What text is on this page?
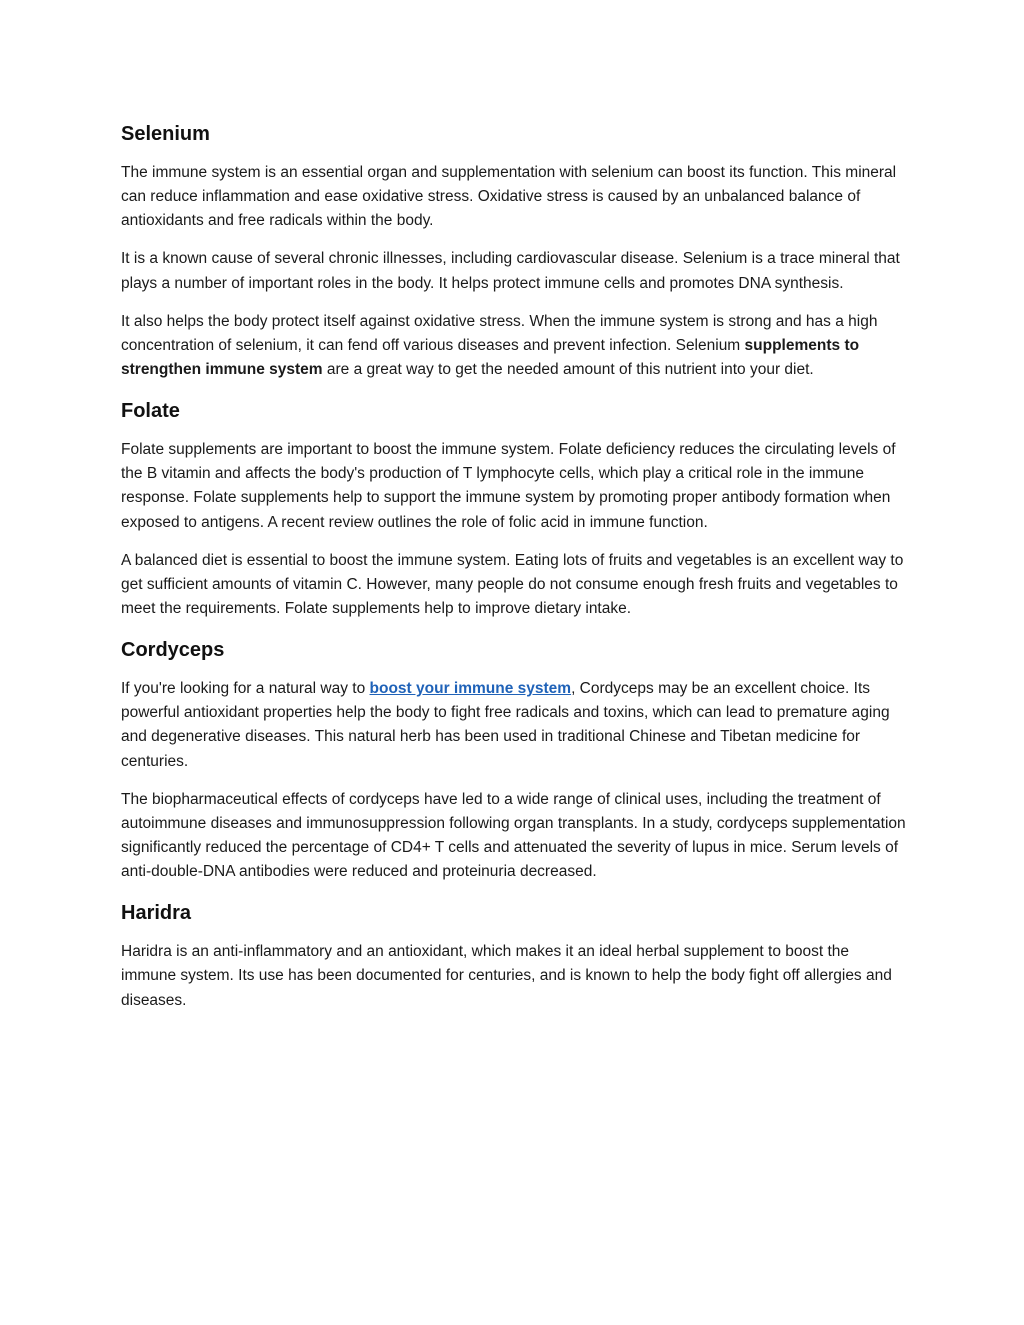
Selenium

The immune system is an essential organ and supplementation with selenium can boost its function. This mineral can reduce inflammation and ease oxidative stress. Oxidative stress is caused by an unbalanced balance of antioxidants and free radicals within the body.

It is a known cause of several chronic illnesses, including cardiovascular disease. Selenium is a trace mineral that plays a number of important roles in the body. It helps protect immune cells and promotes DNA synthesis.

It also helps the body protect itself against oxidative stress. When the immune system is strong and has a high concentration of selenium, it can fend off various diseases and prevent infection. Selenium supplements to strengthen immune system are a great way to get the needed amount of this nutrient into your diet.

Folate

Folate supplements are important to boost the immune system. Folate deficiency reduces the circulating levels of the B vitamin and affects the body's production of T lymphocyte cells, which play a critical role in the immune response. Folate supplements help to support the immune system by promoting proper antibody formation when exposed to antigens. A recent review outlines the role of folic acid in immune function.

A balanced diet is essential to boost the immune system. Eating lots of fruits and vegetables is an excellent way to get sufficient amounts of vitamin C. However, many people do not consume enough fresh fruits and vegetables to meet the requirements. Folate supplements help to improve dietary intake.

Cordyceps

If you're looking for a natural way to boost your immune system, Cordyceps may be an excellent choice. Its powerful antioxidant properties help the body to fight free radicals and toxins, which can lead to premature aging and degenerative diseases. This natural herb has been used in traditional Chinese and Tibetan medicine for centuries.

The biopharmaceutical effects of cordyceps have led to a wide range of clinical uses, including the treatment of autoimmune diseases and immunosuppression following organ transplants. In a study, cordyceps supplementation significantly reduced the percentage of CD4+ T cells and attenuated the severity of lupus in mice. Serum levels of anti-double-DNA antibodies were reduced and proteinuria decreased.

Haridra

Haridra is an anti-inflammatory and an antioxidant, which makes it an ideal herbal supplement to boost the immune system. Its use has been documented for centuries, and is known to help the body fight off allergies and diseases.
